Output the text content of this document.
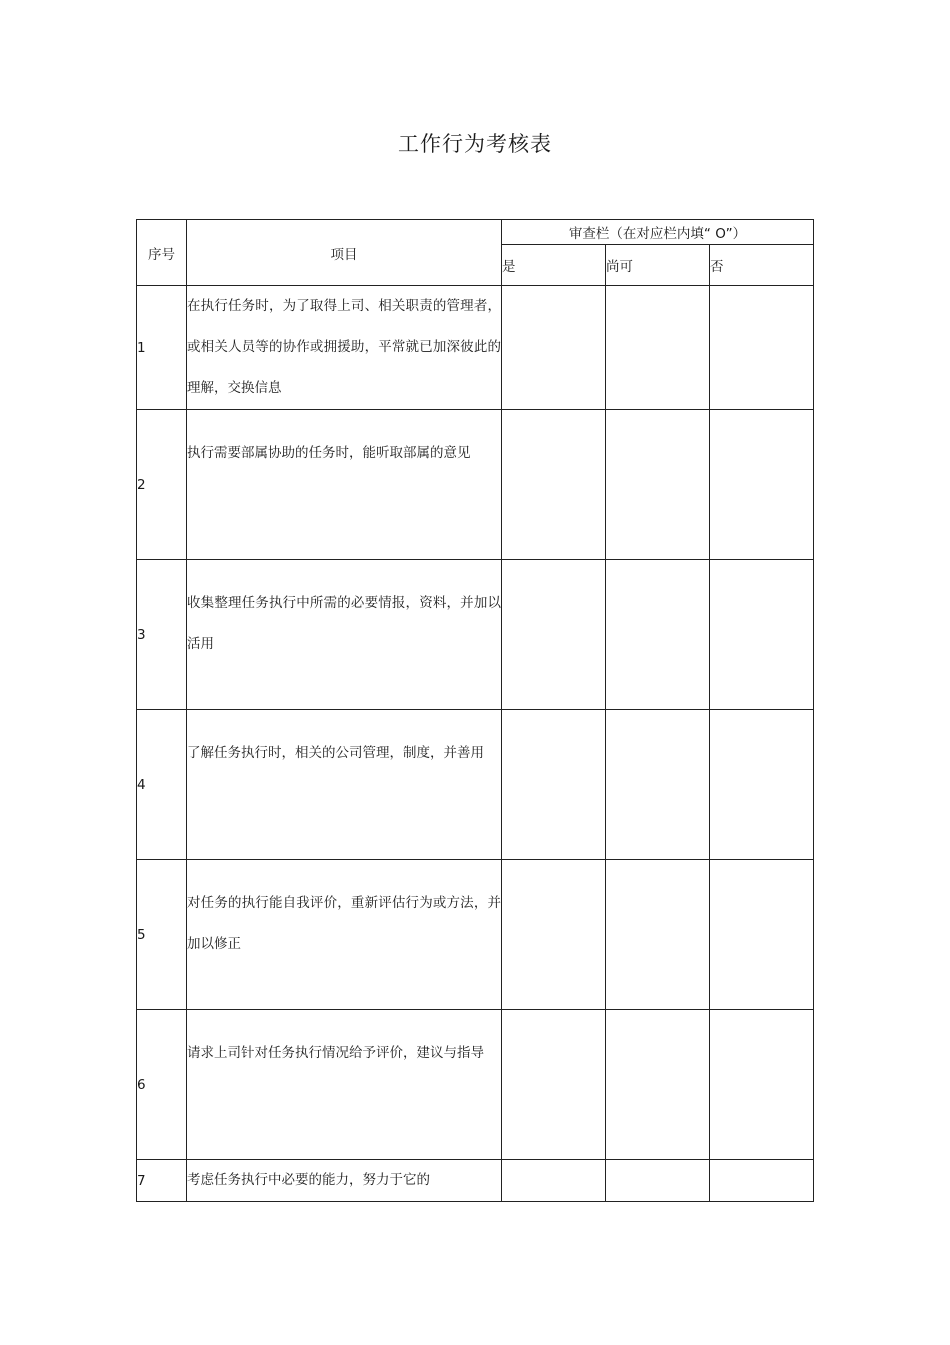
工作行为考核表
序号	项目	审查栏（在对应栏内填“ O”）		
		是	尚可	否
1	在执行任务时，为了取得上司、相关职责的管理者，或相关人员等的协作或拥援助，平常就已加深彼此的理解，交换信息			

2	执行需要部属协助的任务时，能听取部属的意见			

3	收集整理任务执行中所需的必要情报，资料，并加以活用			

4	了解任务执行时，相关的公司管理，制度，并善用			

5	对任务的执行能自我评价，重新评估行为或方法，并加以修正			

6	请求上司针对任务执行情况给予评价，建议与指导			

7	考虑任务执行中必要的能力，努力于它的			
